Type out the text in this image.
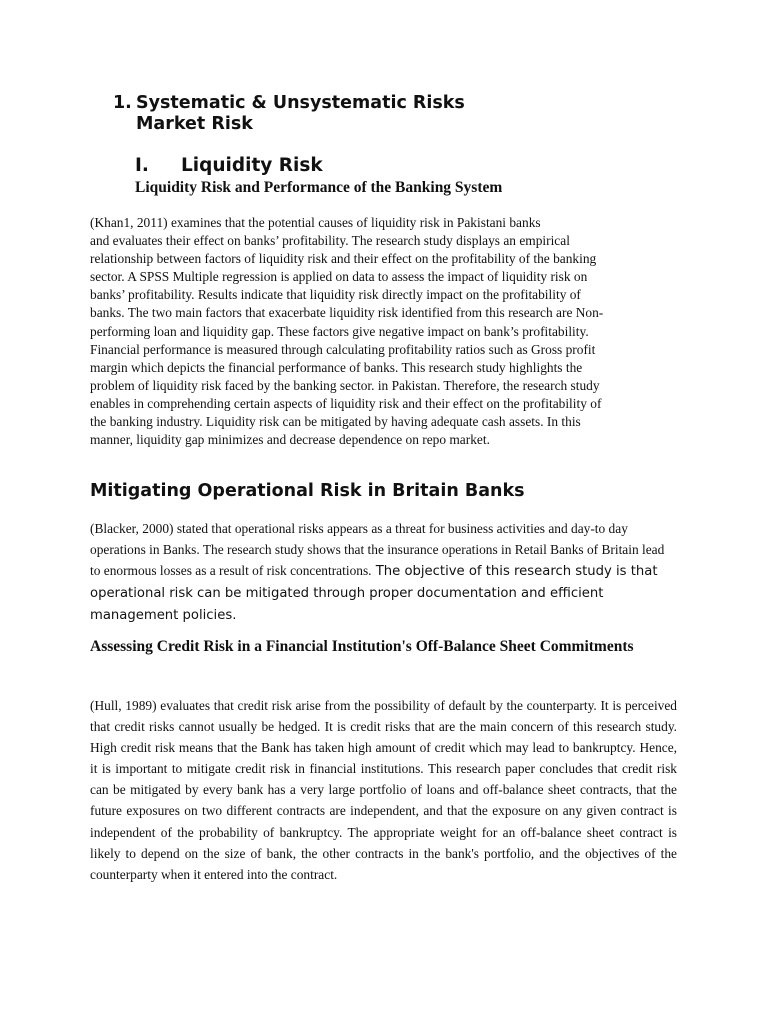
1. Systematic & Unsystematic Risks
Market Risk
I. Liquidity Risk
Liquidity Risk and Performance of the Banking System
(Khan1, 2011) examines that the potential causes of liquidity risk in Pakistani banks
and evaluates their effect on banks’ profitability. The research study displays an empirical
relationship between factors of liquidity risk and their effect on the profitability of the banking
sector. A SPSS Multiple regression is applied on data to assess the impact of liquidity risk on
banks’ profitability. Results indicate that liquidity risk directly impact on the profitability of
banks. The two main factors that exacerbate liquidity risk identified from this research are Non-
performing loan and liquidity gap. These factors give negative impact on bank’s profitability.
Financial performance is measured through calculating profitability ratios such as Gross profit
margin which depicts the financial performance of banks. This research study highlights the
problem of liquidity risk faced by the banking sector. in Pakistan. Therefore, the research study
enables in comprehending certain aspects of liquidity risk and their effect on the profitability of
the banking industry. Liquidity risk can be mitigated by having adequate cash assets. In this
manner, liquidity gap minimizes and decrease dependence on repo market.
Mitigating Operational Risk in Britain Banks
(Blacker, 2000) stated that operational risks appears as a threat for business activities and day-to day operations in Banks. The research study shows that the insurance operations in Retail Banks of Britain lead to enormous losses as a result of risk concentrations. The objective of this research study is that operational risk can be mitigated through proper documentation and efficient management policies.
Assessing Credit Risk in a Financial Institution's Off-Balance Sheet Commitments
(Hull, 1989) evaluates that credit risk arise from the possibility of default by the counterparty. It is perceived that credit risks cannot usually be hedged. It is credit risks that are the main concern of this research study. High credit risk means that the Bank has taken high amount of credit which may lead to bankruptcy. Hence, it is important to mitigate credit risk in financial institutions. This research paper concludes that credit risk can be mitigated by every bank has a very large portfolio of loans and off-balance sheet contracts, that the future exposures on two different contracts are independent, and that the exposure on any given contract is independent of the probability of bankruptcy. The appropriate weight for an off-balance sheet contract is likely to depend on the size of bank, the other contracts in the bank's portfolio, and the objectives of the counterparty when it entered into the contract.
